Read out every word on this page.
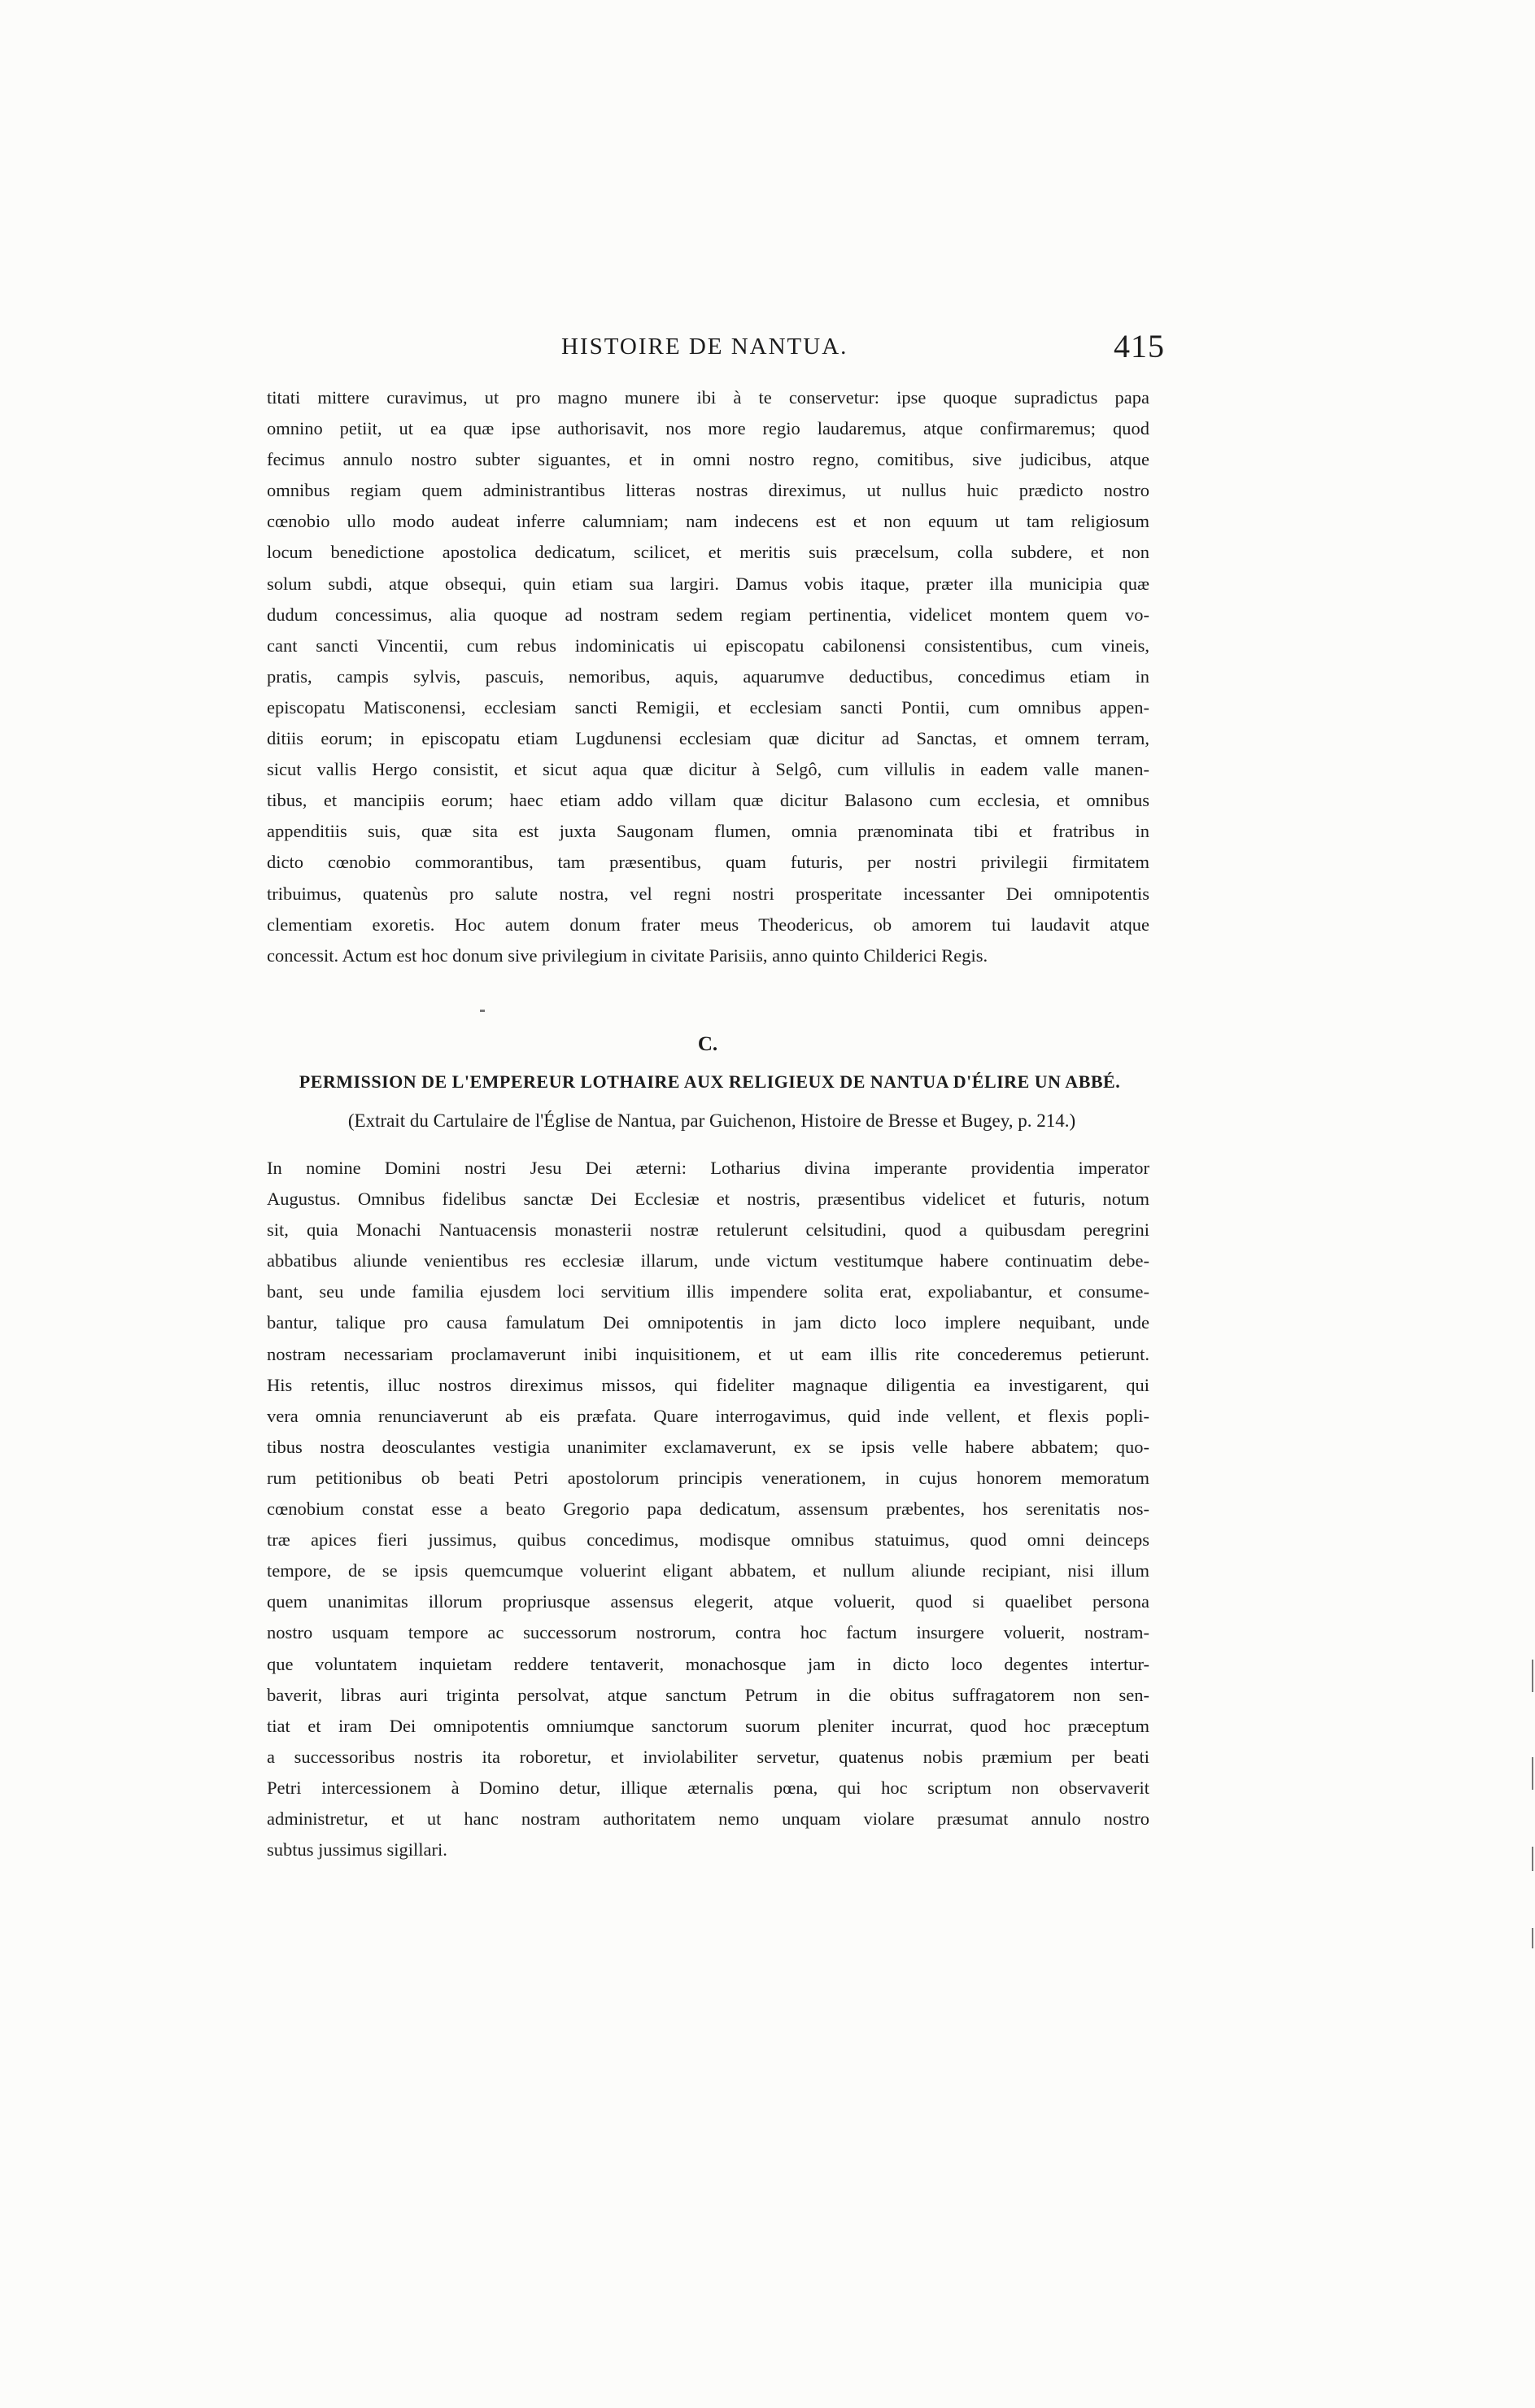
HISTOIRE DE NANTUA.	415
titati mittere curavimus, ut pro magno munere ibi à te conservetur: ipse quoque supradictus papa
omnino petiit, ut ea quæ ipse authorisavit, nos more regio laudaremus, atque confirmaremus; quod
fecimus annulo nostro subter siguantes, et in omni nostro regno, comitibus, sive judicibus, atque
omnibus regiam quem administrantibus litteras nostras direximus, ut nullus huic prædicto nostro
cœnobio ullo modo audeat inferre calumniam; nam indecens est et non equum ut tam religiosum
locum benedictione apostolica dedicatum, scilicet, et meritis suis præcelsum, colla subdere, et non
solum subdi, atque obsequi, quin etiam sua largiri. Damus vobis itaque, præter illa municipia quæ
dudum concessimus, alia quoque ad nostram sedem regiam pertinentia, videlicet montem quem vo-
cant sancti Vincentii, cum rebus indominicatis ui episcopatu cabilonensi consistentibus, cum vineis,
pratis, campis sylvis, pascuis, nemoribus, aquis, aquarumve deductibus, concedimus etiam in
episcopatu Matisconensi, ecclesiam sancti Remigii, et ecclesiam sancti Pontii, cum omnibus appen-
ditiis eorum; in episcopatu etiam Lugdunensi ecclesiam quæ dicitur ad Sanctas, et omnem terram,
sicut vallis Hergo consistit, et sicut aqua quæ dicitur à Selgô, cum villulis in eadem valle manen-
tibus, et mancipiis eorum; haec etiam addo villam quæ dicitur Balasono cum ecclesia, et omnibus
appenditiis suis, quæ sita est juxta Saugonam flumen, omnia prænominata tibi et fratribus in
dicto cœnobio commorantibus, tam præsentibus, quam futuris, per nostri privilegii firmitatem
tribuimus, quatenùs pro salute nostra, vel regni nostri prosperitate incessanter Dei omnipotentis
clementiam exoretis. Hoc autem donum frater meus Theodericus, ob amorem tui laudavit atque
concessit. Actum est hoc donum sive privilegium in civitate Parisiis, anno quinto Childerici Regis.
C.
PERMISSION DE L'EMPEREUR LOTHAIRE AUX RELIGIEUX DE NANTUA D'ÉLIRE UN ABBÉ.
(Extrait du Cartulaire de l'Église de Nantua, par Guichenon, Histoire de Bresse et Bugey, p. 214.)
In nomine Domini nostri Jesu Dei æterni: Lotharius divina imperante providentia imperator
Augustus. Omnibus fidelibus sanctæ Dei Ecclesiæ et nostris, præsentibus videlicet et futuris, notum
sit, quia Monachi Nantuacensis monasterii nostræ retulerunt celsitudini, quod a quibusdam peregrini
abbatibus aliunde venientibus res ecclesiæ illarum, unde victum vestitumque habere continuatim debe-
bant, seu unde familia ejusdem loci servitium illis impendere solita erat, expoliabantur, et consume-
bantur, talique pro causa famulatum Dei omnipotentis in jam dicto loco implere nequibant, unde
nostram necessariam proclamaverunt inibi inquisitionem, et ut eam illis rite concederemus petierunt.
His retentis, illuc nostros direximus missos, qui fideliter magnaque diligentia ea investigarent, qui
vera omnia renunciaverunt ab eis præfata. Quare interrogavimus, quid inde vellent, et flexis popli-
tibus nostra deosculantes vestigia unanimiter exclamaverunt, ex se ipsis velle habere abbatem; quo-
rum petitionibus ob beati Petri apostolorum principis venerationem, in cujus honorem memoratum
cœnobium constat esse a beato Gregorio papa dedicatum, assensum præbentes, hos serenitatis nos-
træ apices fieri jussimus, quibus concedimus, modisque omnibus statuimus, quod omni deinceps
tempore, de se ipsis quemcumque voluerint eligant abbatem, et nullum aliunde recipiant, nisi illum
quem unanimitas illorum propriusque assensus elegerit, atque voluerit, quod si quaelibet persona
nostro usquam tempore ac successorum nostrorum, contra hoc factum insurgere voluerit, nostram-
que voluntatem inquietam reddere tentaverit, monachosque jam in dicto loco degentes intertur-
baverit, libras auri triginta persolvat, atque sanctum Petrum in die obitus suffragatorem non sen-
tiat et iram Dei omnipotentis omniumque sanctorum suorum pleniter incurrat, quod hoc præceptum
a successoribus nostris ita roboretur, et inviolabiliter servetur, quatenus nobis præmium per beati
Petri intercessionem à Domino detur, illique æternalis pœna, qui hoc scriptum non observaverit
administretur, et ut hanc nostram authoritatem nemo unquam violare præsumat annulo nostro
subtus jussimus sigillari.
